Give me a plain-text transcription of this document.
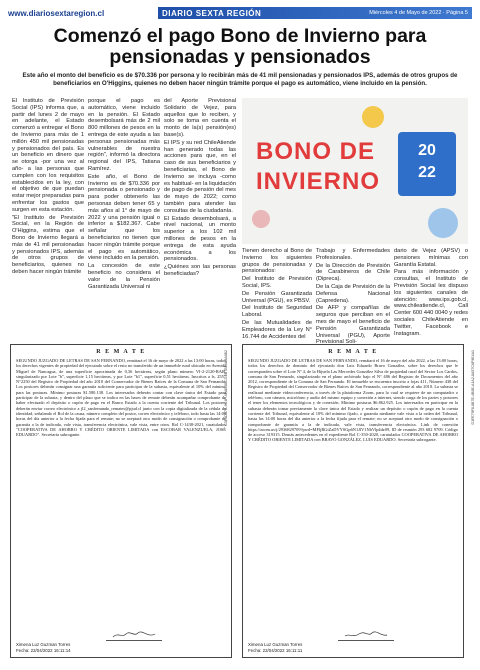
www.diariosextaregion.cl	DIARIO SEXTA REGIÓN	Miércoles 4 de Mayo de 2022 · Página 5
Comenzó el pago Bono de Invierno para pensionadas y pensionados
Este año el monto del beneficio es de $70.336 por persona y lo recibirán más de 41 mil pensionadas y pensionados IPS, además de otros grupos de beneficiarios en O'Higgins, quienes no deben hacer ningún trámite porque el pago es automático, viene incluido en la pensión.

El Instituto de Previsión Social (IPS) informa que, a partir del lunes 2 de mayo en adelante, el Estado comenzó a entregar el Bono de Invierno para más de 1 millón 450 mil pensionadas y pensionados del país. Es un beneficio en dinero que se otorga -por una vez al año- a las personas que cumplen con los requisitos establecidos en la ley, con el objetivo de que puedan estar mejor preparadas para enfrentar los gastos que surgen en esta estación.

"El Instituto de Previsión Social, en la Región de O'Higgins, estima que el Bono de Invierno llegará a más de 41 mil pensionadas y pensionados IPS, además de otros grupos de beneficiarios, quienes no deben hacer ningún trámite

porque el pago es automático, viene incluido en la pensión. El Estado desembolsará más de 2 mil 800 millones de pesos en la entrega de este ayuda a las personas pensionadas más vulnerables de nuestra región", informó la directora regional del IPS, Tatiana Ramírez.

Este año, el Bono de Invierno es de $70.336 por pensionada o pensionado y para poder obtenerlo las personas deben tener 65 y más años al 1° de mayo de 2022 y una pensión igual o inferior a $182.367. Cabe señalar que los beneficiarios no tienen que hacer ningún trámite porque el pago es automático, viene incluido en la pensión.

La concesión de este beneficio no considera el valor de la Pensión Garantizada Universal ni

del Aporte Previsional Solidario de Vejez, para aquellos que lo reciben, y solo se toma en cuenta el monto de la(s) pensión(es) base(s).

El IPS y su red ChileAtiende han generado todas las acciones para que, en el caso de sus beneficiarios y beneficiarias, el Bono de Invierno se incluya -como es habitual- en la liquidación de pago de pensión del mes de mayo de 2022; como también para atender las consultas de la ciudadanía.

El Estado desembolsará, a nivel nacional, un monto superior a los 102 mil millones de pesos en la entrega de esta ayuda económica a los pensionados.

¿Quiénes son las personas beneficiadas?

BONO DE
INVIERNO
20
22

Tienen derecho al Bono de Invierno los siguientes grupos de pensionadas y pensionados:

Del Instituto de Previsión Social, IPS.

De Pensión Garantizada Universal (PGU), ex PBSV.

Del Instituto de Seguridad Laboral.

De las Mutualidades de Empleadores de la Ley N° 16.744 de Accidentes del

Trabajo y Enfermedades Profesionales.

De la Dirección de Previsión de Carabineros de Chile (Dipreca).

De la Caja de Previsión de la Defensa Nacional (Capredena).

De AFP y compañías de seguros que perciban en el mes de mayo el beneficio de Pensión Garantizada Universal (PGU), Aporte Previsional Soli-

dario de Vejez (APSV) o pensiones mínimas con Garantía Estatal.

Para más información y consultas, el Instituto de Previsión Social les dispuso los siguientes canales de atención: www.ips.gob.cl, www.chileatiende.cl, Call Center 600 440 0040 y redes sociales ChileAtiende en Twitter, Facebook e Instagram.

R E M A T E
SEGUNDO JUZGADO DE LETRAS DE SAN FERNANDO, remátará el 16 de mayo de 2022 a las 13:00 horas, todos los derechos vigentes de propiedad del ejecutado sobre el resto no transferido de un inmueble rural ubicado en Avenida Miguel de Nancagua, de una superficie aproximada de 0,36 hectáreas, según plano número VI-2-2120-RAR, singularizado por Lote "b", superficie 1,15 hectáreas, y por Lote "b1", superficie 0,51 hectáreas. Inscritos a fs. 2557 N°2250 del Registro de Propiedad del año 2010 del Conservador de Bienes Raíces de la Comuna de San Fernando. Los postores deberán consignar una garantía suficiente para participar de la subasta, equivalente al 10% del mínimo para las posturas. Mínimo posturas $1.580.138. Los interesados deberán contar con clave única del Estado para participar de la subasta, y dentro del plazo que se indica en las bases de remate deberán acompañar comprobante de haber efectuado el depósito o cupón de pago en el Banco Estado a la cuenta corriente del Tribunal. Los postores deberán enviar correo electrónico a jl2_sanfernando_remates@pjud.cl junto con la copia digitalizada de la cédula de identidad, señalando el Rol de la causa, número completo del postor, correo electrónico y teléfono, todo hasta las 14:00 horas del día anterior a la fecha fijada para el remate; no se aceptará otro modo de consignación o comprobante de garantía a la de indicada, vale vista, transferencia electrónica, vale vista, entre otros. Rol C-1438-2021, caratulados "COOPERATIVA DE AHORRO Y CRÉDITO ORIENTE LIMITADA con ESCOBAR VALENZUELA, JOSÉ EDUARDO". Secretaría subrogante.
Ximena Luz Guzman Torres
Fecha: 22/04/2022 16:11:14
R E M A T E
SEGUNDO JUZGADO DE LETRAS DE SAN FERNANDO, remátará el 16 de mayo del año 2022, a las 13:00 horas, todos los derechos de dominio del ejecutado don Luis Eduardo Bravo González, sobre los derechos que le corresponden sobre el Lote Nº 4, de la Hijuela Las Mercedes González Silva de propiedad rural del Sector Los Cardos, comuna de San Fernando, singularizado en el plano archivado bajo el N° 486 del Registro de Documentos del año 2012, correspondiente de la Comuna de San Fernando. El inmueble se encuentra inscrito a fojas 411, Número 438 del Registro de Propiedad del Conservador de Bienes Raíces de San Fernando, correspondiente al año 2010. La subasta se realizará mediante videoconferencia, a través de la plataforma Zoom, para lo cual se requiere de un computador o teléfono, con cámara, micrófono y audio del mismo equipo y conexión a internet, siendo carga de los partes y postores el tener los elementos tecnológicos y de conexión. Mínimo posturas $6.862.925. Los interesados en participar en la subasta deberán tomar previamente la clave única del Estado y realizar un depósito o cupón de pago en la cuenta corriente del Tribunal, equivalente al 10% del mínimo fijado, o garantía mediante vale vista a la orden del Tribunal, hasta las 14:00 horas del día anterior a la fecha fijada para el remate; no se aceptará otro modo de consignación o comprobante de garantía a la de indicada, vale vista, transferencia electrónica. Link de conexión https://zoom.us/j/2936829709?pwd=MFljRGtZaDVYSGp6N1JlV1NhVlp4dz09, ID de reunión 293 682 9709. Código de acceso 319315. Demás antecedentes en el expediente Rol C-350-2020, caratulados COOPERATIVA DE AHORRO Y CRÉDITO ORIENTE LIMITADA con BRAVO GONZÁLEZ, LUIS EDUARDO. Secretaría subrogante.
Ximena Luz Guzman Torres
Fecha: 22/04/2022 16:11:11
C3E1DA7A-9C4F-4EAB-88C3-2D7B16A8A6B2	D1FE79F8-8B7E-4B8E-A1A2-8A57C6F9E4A1
